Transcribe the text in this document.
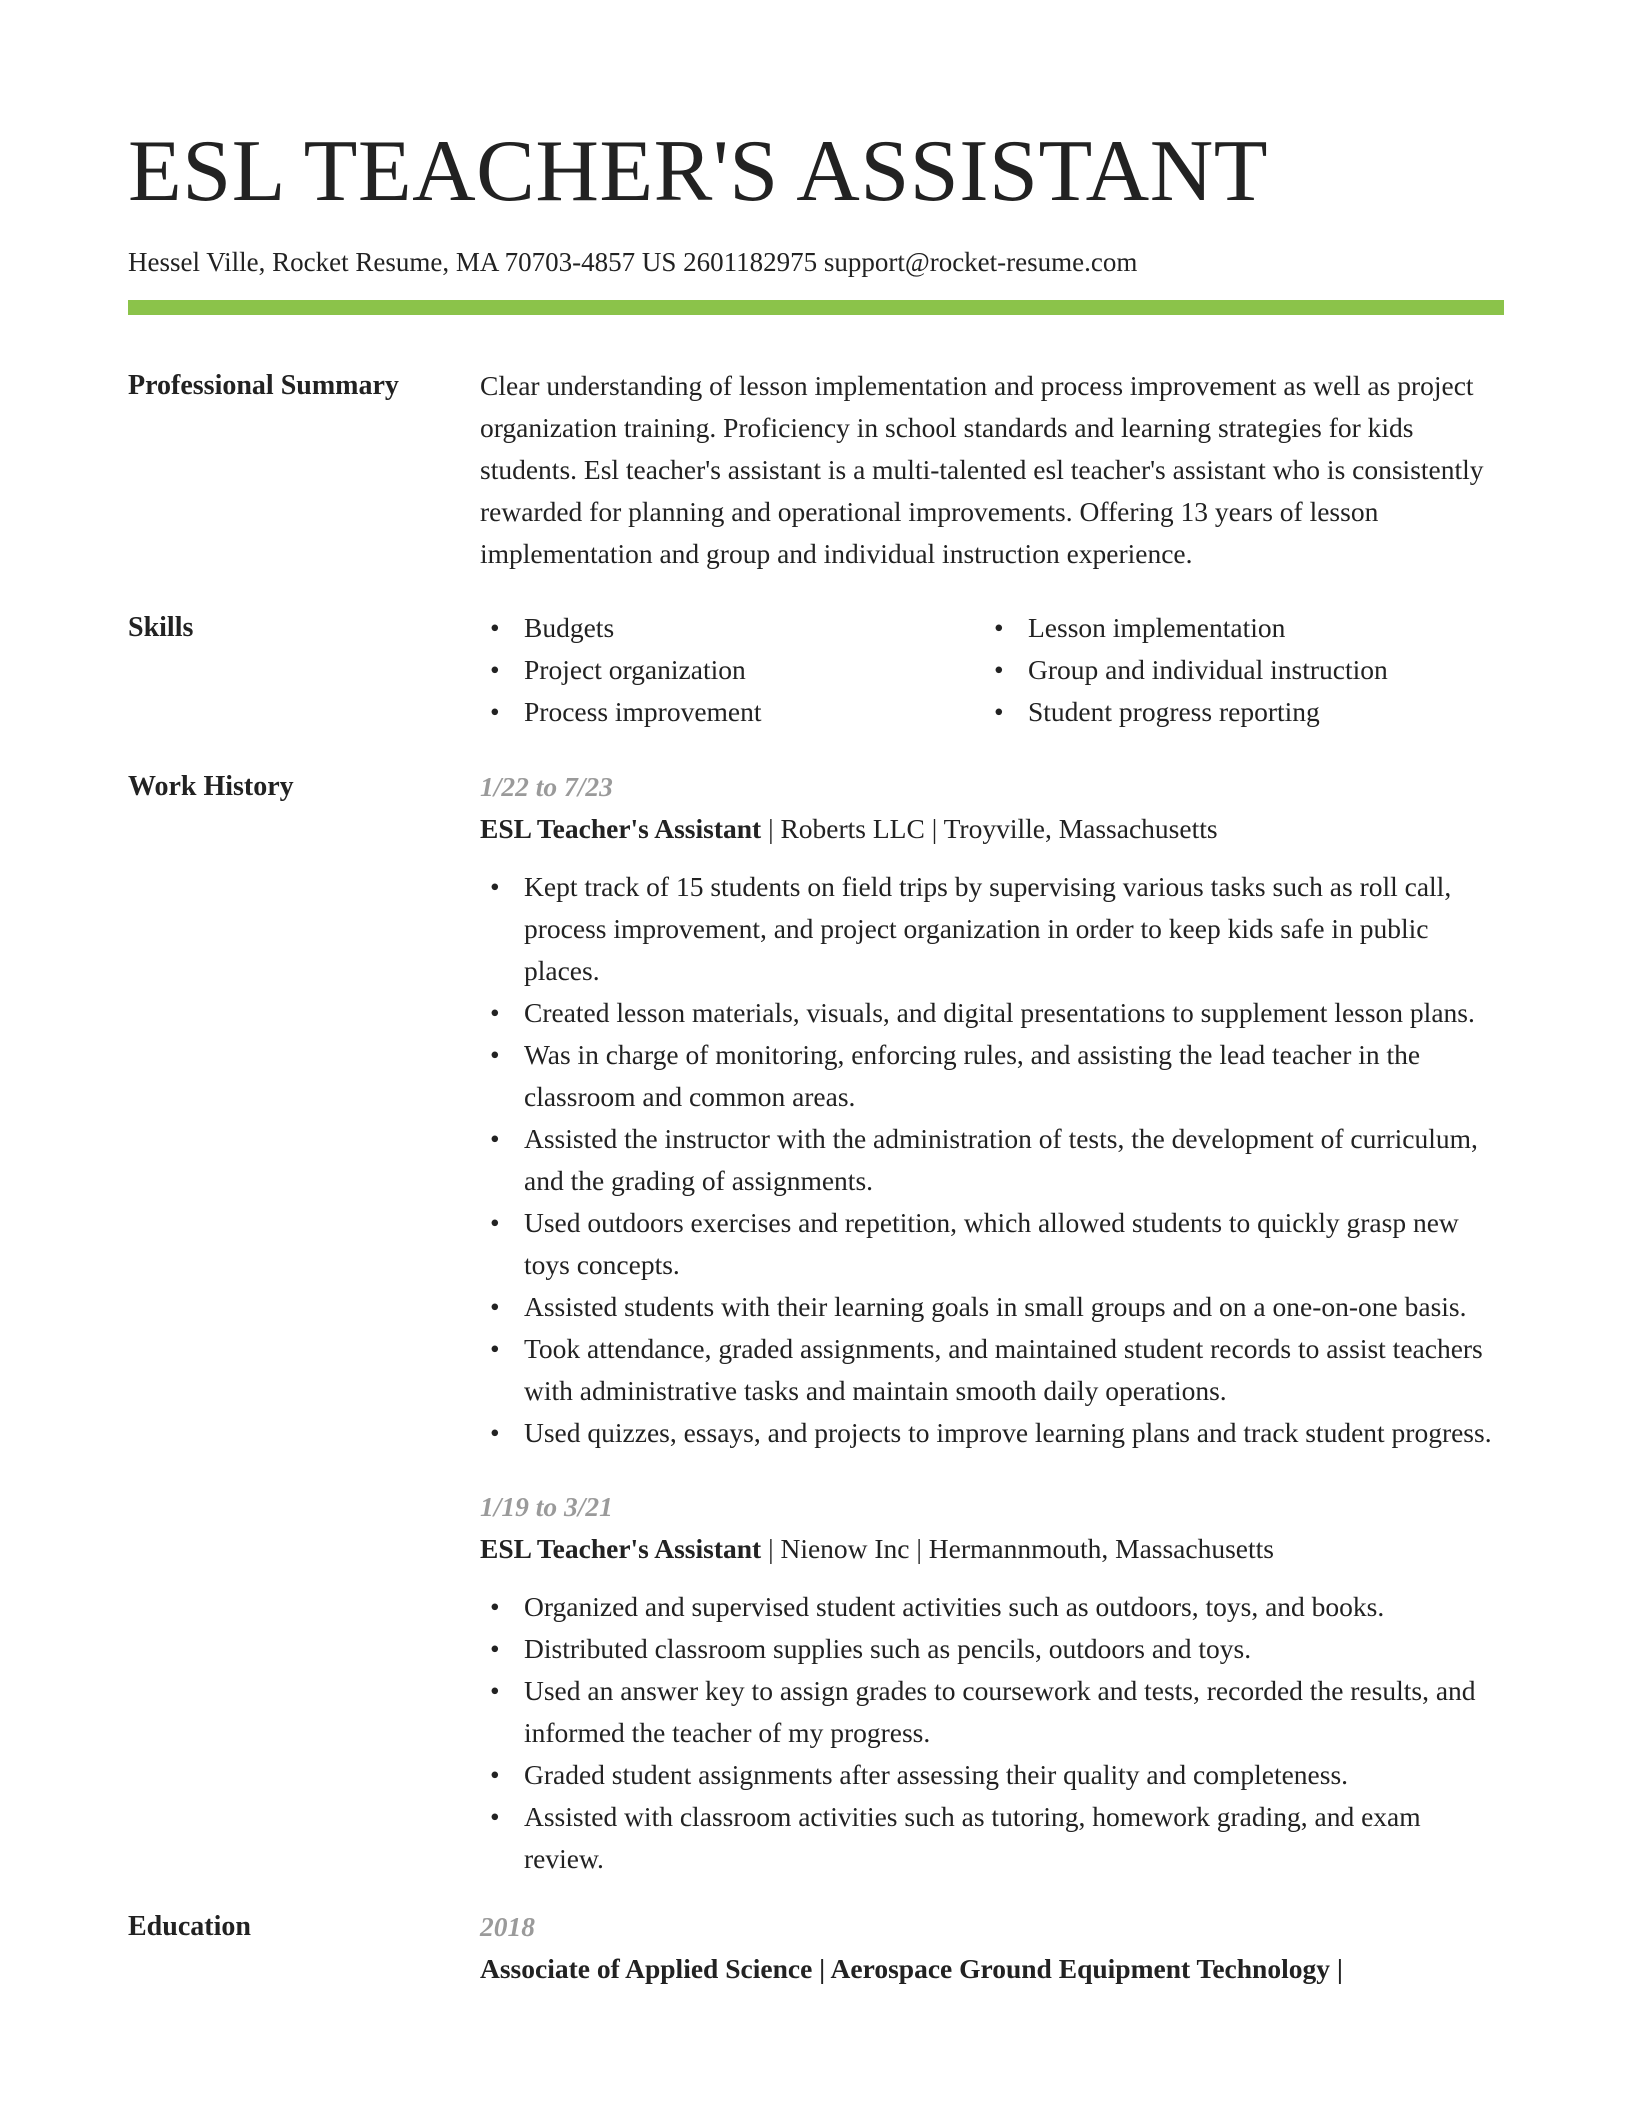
ESL TEACHER'S ASSISTANT
Hessel Ville, Rocket Resume, MA 70703-4857 US 2601182975 support@rocket-resume.com
Professional Summary	Clear understanding of lesson implementation and process improvement as well as project organization training. Proficiency in school standards and learning strategies for kids students. Esl teacher's assistant is a multi-talented esl teacher's assistant who is consistently rewarded for planning and operational improvements. Offering 13 years of lesson implementation and group and individual instruction experience.
Skills
•	Budgets
• Project organization
• Process improvement
• Lesson implementation
• Group and individual instruction
• Student progress reporting
Work History	1/22 to 7/23
ESL Teacher's Assistant | Roberts LLC | Troyville, Massachusetts
• Kept track of 15 students on field trips by supervising various tasks such as roll call, process improvement, and project organization in order to keep kids safe in public places.
• Created lesson materials, visuals, and digital presentations to supplement lesson plans.
• Was in charge of monitoring, enforcing rules, and assisting the lead teacher in the classroom and common areas.
• Assisted the instructor with the administration of tests, the development of curriculum, and the grading of assignments.
• Used outdoors exercises and repetition, which allowed students to quickly grasp new toys concepts.
• Assisted students with their learning goals in small groups and on a one-on-one basis.
• Took attendance, graded assignments, and maintained student records to assist teachers with administrative tasks and maintain smooth daily operations.
• Used quizzes, essays, and projects to improve learning plans and track student progress.
1/19 to 3/21
ESL Teacher's Assistant | Nienow Inc | Hermannmouth, Massachusetts
• Organized and supervised student activities such as outdoors, toys, and books.
• Distributed classroom supplies such as pencils, outdoors and toys.
• Used an answer key to assign grades to coursework and tests, recorded the results, and informed the teacher of my progress.
• Graded student assignments after assessing their quality and completeness.
• Assisted with classroom activities such as tutoring, homework grading, and exam review.
Education	2018
Associate of Applied Science | Aerospace Ground Equipment Technology |
